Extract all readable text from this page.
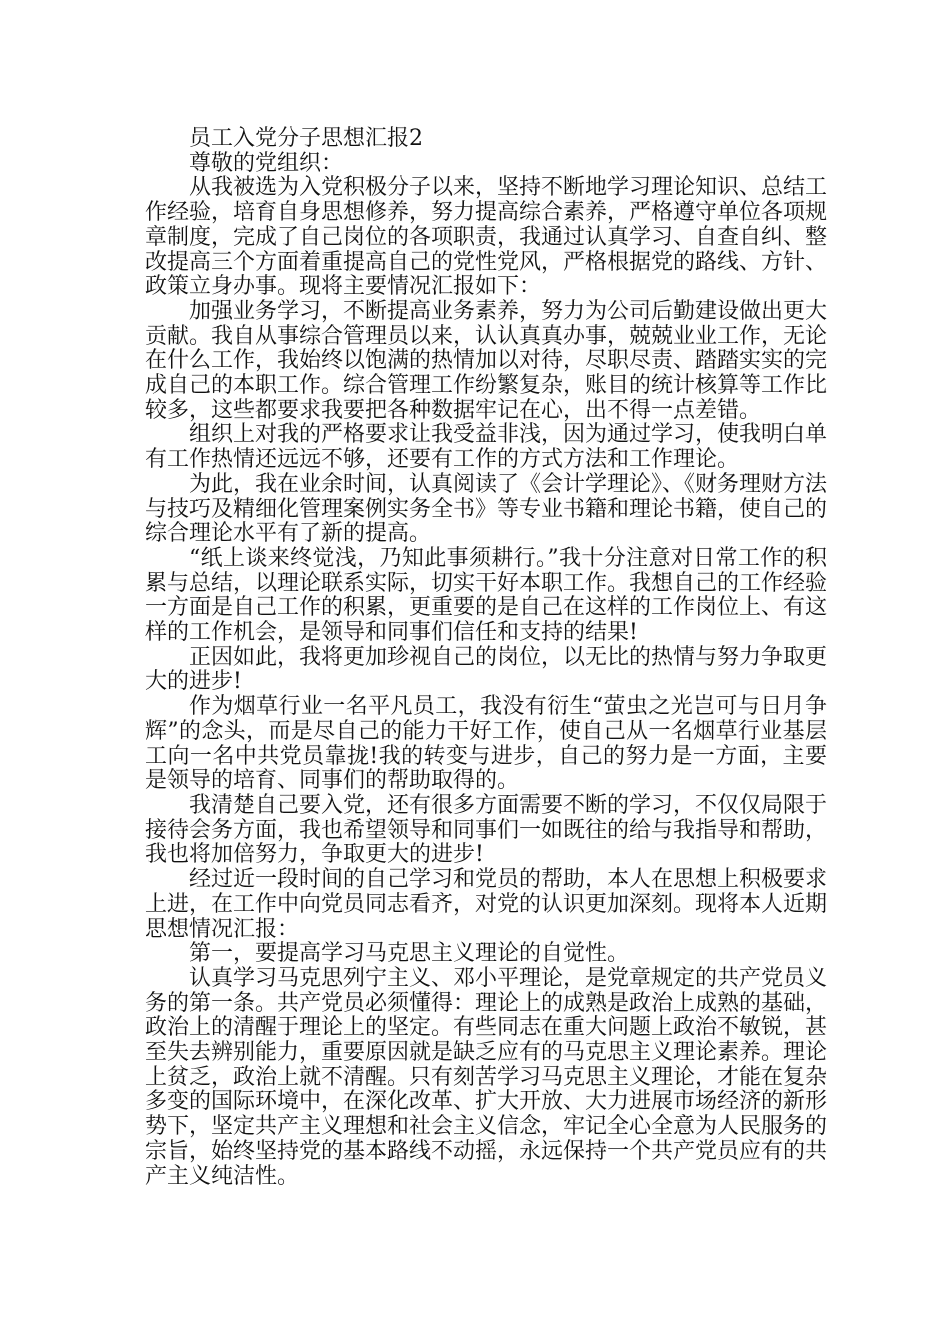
员工入党分子思想汇报2

尊敬的党组织：

从我被选为入党积极分子以来，坚持不断地学习理论知识、总结工作经验，培育自身思想修养，努力提高综合素养，严格遵守单位各项规章制度，完成了自己岗位的各项职责，我通过认真学习、自查自纠、整改提高三个方面着重提高自己的党性党风，严格根据党的路线、方针、政策立身办事。现将主要情况汇报如下：

加强业务学习，不断提高业务素养，努力为公司后勤建设做出更大贡献。我自从事综合管理员以来，认认真真办事，兢兢业业工作，无论在什么工作，我始终以饱满的热情加以对待，尽职尽责、踏踏实实的完成自己的本职工作。综合管理工作纷繁复杂，账目的统计核算等工作比较多，这些都要求我要把各种数据牢记在心，出不得一点差错。

组织上对我的严格要求让我受益非浅，因为通过学习，使我明白单有工作热情还远远不够，还要有工作的方式方法和工作理论。

为此，我在业余时间，认真阅读了《会计学理论》、《财务理财方法与技巧及精细化管理案例实务全书》等专业书籍和理论书籍，使自己的综合理论水平有了新的提高。

“纸上谈来终觉浅，乃知此事须耕行。”我十分注意对日常工作的积累与总结，以理论联系实际，切实干好本职工作。我想自己的工作经验一方面是自己工作的积累，更重要的是自己在这样的工作岗位上、有这样的工作机会，是领导和同事们信任和支持的结果!

正因如此，我将更加珍视自己的岗位，以无比的热情与努力争取更大的进步!

作为烟草行业一名平凡员工，我没有衍生“萤虫之光岂可与日月争辉”的念头，而是尽自己的能力干好工作，使自己从一名烟草行业基层工向一名中共党员靠拢!我的转变与进步，自己的努力是一方面，主要是领导的培育、同事们的帮助取得的。

我清楚自己要入党，还有很多方面需要不断的学习，不仅仅局限于接待会务方面，我也希望领导和同事们一如既往的给与我指导和帮助，我也将加倍努力，争取更大的进步!

经过近一段时间的自己学习和党员的帮助，本人在思想上积极要求上进，在工作中向党员同志看齐，对党的认识更加深刻。现将本人近期思想情况汇报：

第一，要提高学习马克思主义理论的自觉性。

认真学习马克思列宁主义、邓小平理论，是党章规定的共产党员义务的第一条。共产党员必须懂得：理论上的成熟是政治上成熟的基础，政治上的清醒于理论上的坚定。有些同志在重大问题上政治不敏锐，甚至失去辨别能力，重要原因就是缺乏应有的马克思主义理论素养。理论上贫乏，政治上就不清醒。只有刻苦学习马克思主义理论，才能在复杂多变的国际环境中，在深化改革、扩大开放、大力进展市场经济的新形势下，坚定共产主义理想和社会主义信念，牢记全心全意为人民服务的宗旨，始终坚持党的基本路线不动摇，永远保持一个共产党员应有的共产主义纯洁性。
